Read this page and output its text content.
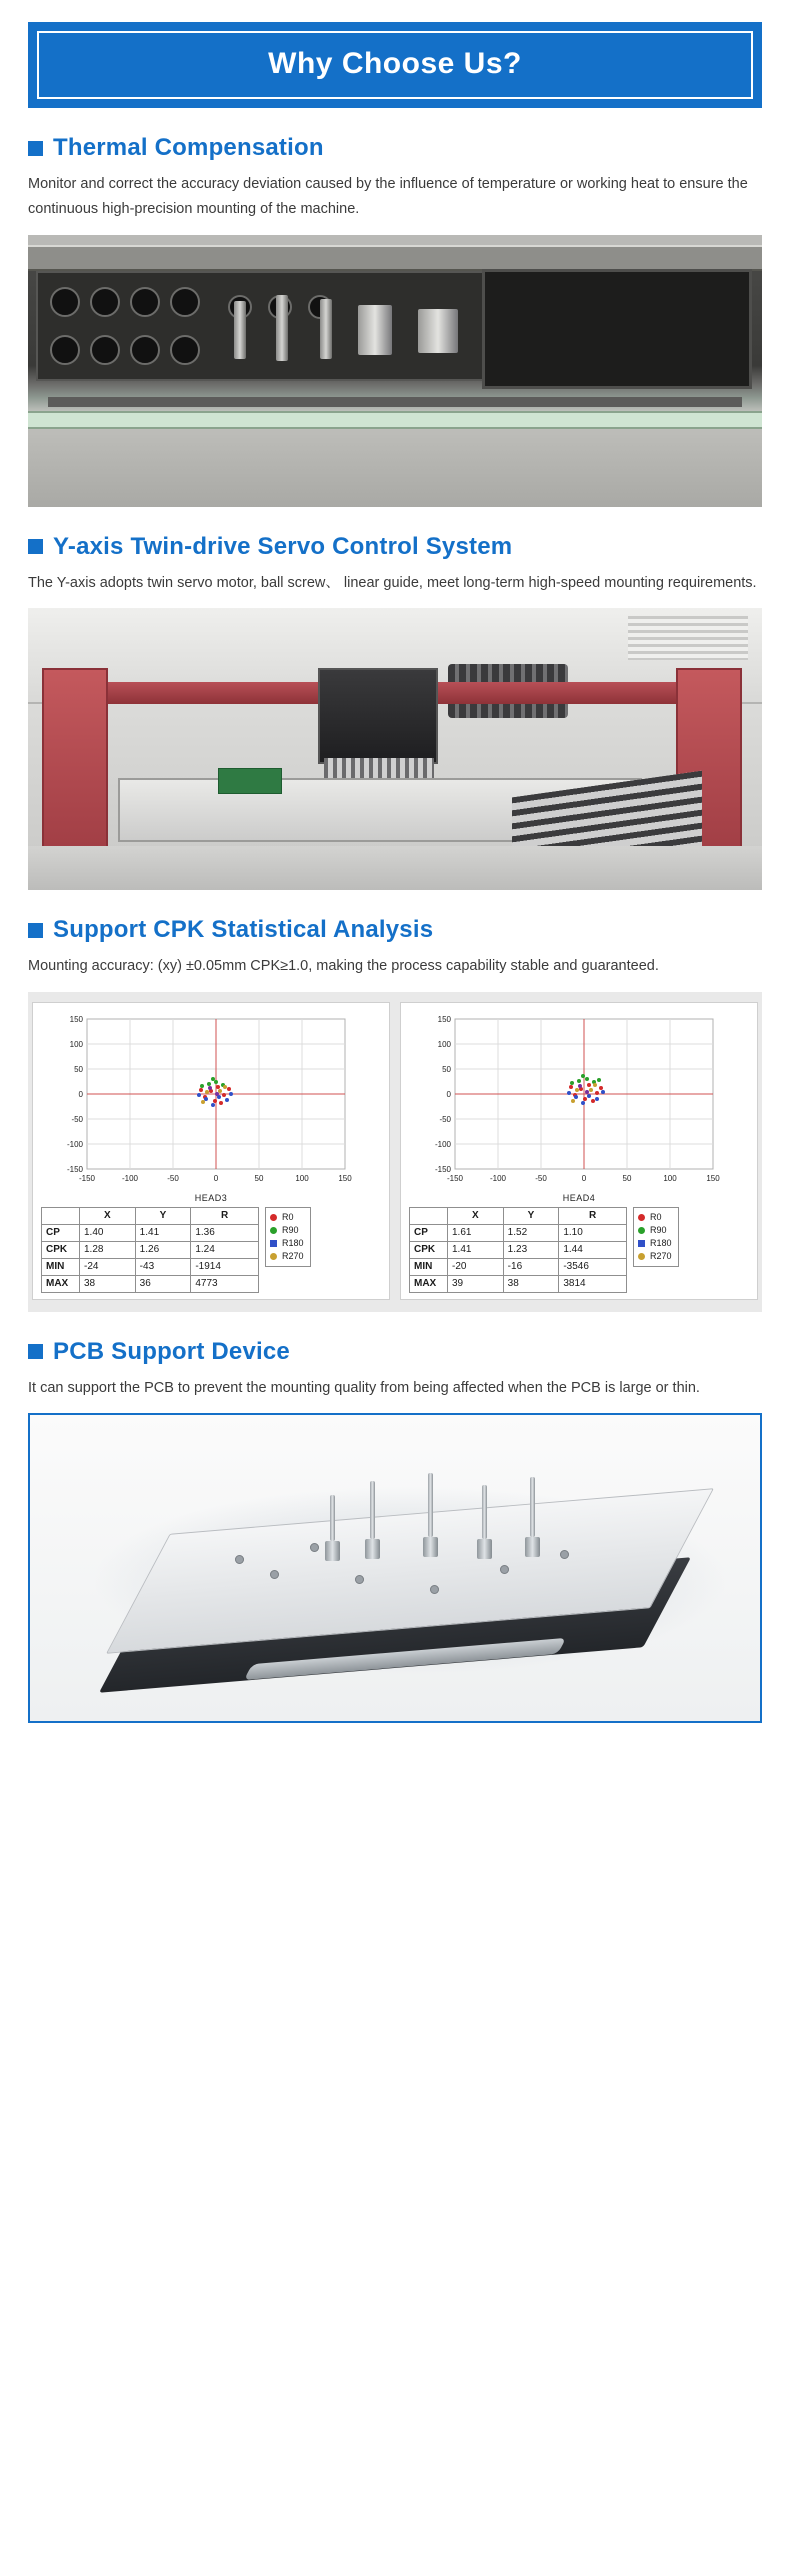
Why Choose Us?
Thermal Compensation

Monitor and correct the accuracy deviation caused by the influence of temperature or working heat to ensure the continuous high-precision mounting of the machine.

Y-axis Twin-drive Servo Control System

The Y-axis adopts twin servo motor, ball screw、 linear guide, meet long-term high-speed mounting requirements.

Support CPK Statistical Analysis

Mounting accuracy: (xy) ±0.05mm CPK≥1.0, making the process capability stable and guaranteed.

150
100
50
0
-50
-100
-150
-150	-100	-50	0	50	100	150
HEAD3
	X	Y	R
CP	1.40	1.41	1.36
CPK	1.28	1.26	1.24
MIN	-24	-43	-1914
MAX	38	36	4773
R0
R90
R180
R270
150
100
50
0
-50
-100
-150
-150	-100	-50	0	50	100	150
HEAD4
	X	Y	R
CP	1.61	1.52	1.10
CPK	1.41	1.23	1.44
MIN	-20	-16	-3546
MAX	39	38	3814
R0
R90
R180
R270
PCB Support Device

It can support the PCB to prevent the mounting quality from being affected when the PCB is large or thin.
